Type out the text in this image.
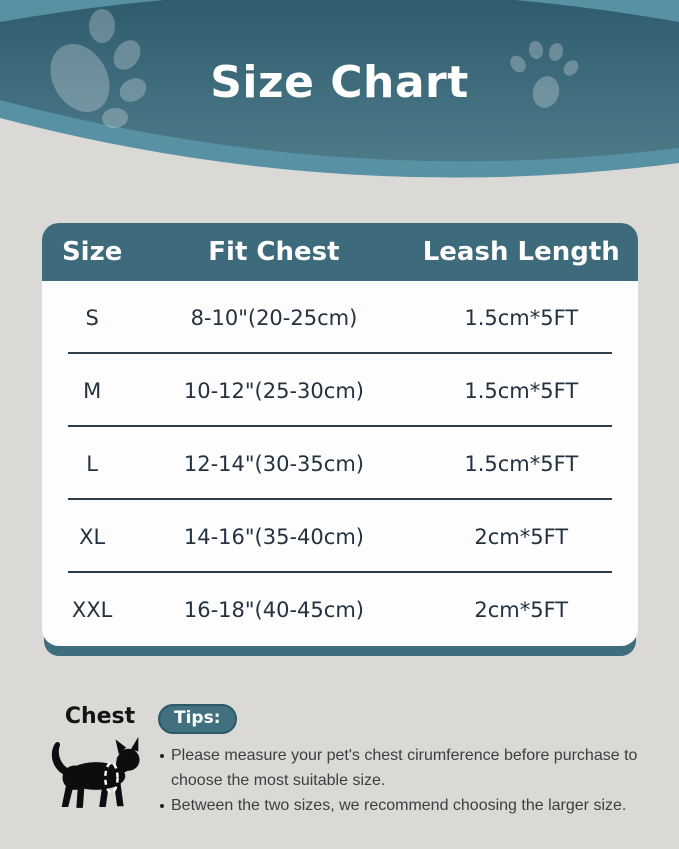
Size Chart
Size	Fit Chest	Leash Length
S	8-10"(20-25cm)	1.5cm*5FT
M	10-12"(25-30cm)	1.5cm*5FT
L	12-14"(30-35cm)	1.5cm*5FT
XL	14-16"(35-40cm)	2cm*5FT
XXL	16-18"(40-45cm)	2cm*5FT
Chest	Tips:
Please measure your pet's chest cirumference before purchase to choose the most suitable size.
Between the two sizes, we recommend choosing the larger size.
